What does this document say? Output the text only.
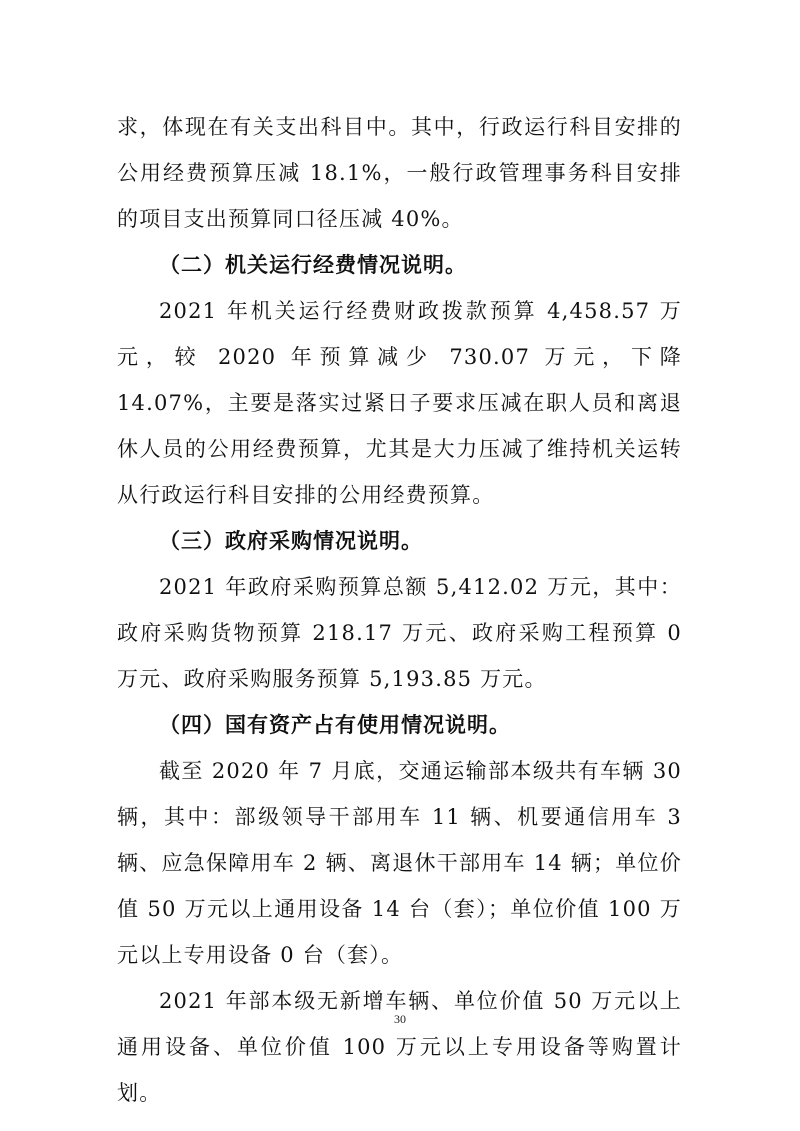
求，体现在有关支出科目中。其中，行政运行科目安排的公用经费预算压减 18.1%，一般行政管理事务科目安排的项目支出预算同口径压减 40%。

（二）机关运行经费情况说明。

2021 年机关运行经费财政拨款预算 4,458.57 万元，较 2020 年预算减少 730.07 万元，下降 14.07%，主要是落实过紧日子要求压减在职人员和离退休人员的公用经费预算，尤其是大力压减了维持机关运转从行政运行科目安排的公用经费预算。

（三）政府采购情况说明。

2021 年政府采购预算总额 5,412.02 万元，其中：政府采购货物预算 218.17 万元、政府采购工程预算 0 万元、政府采购服务预算 5,193.85 万元。

（四）国有资产占有使用情况说明。

截至 2020 年 7 月底，交通运输部本级共有车辆 30 辆，其中：部级领导干部用车 11 辆、机要通信用车 3 辆、应急保障用车 2 辆、离退休干部用车 14 辆；单位价值 50 万元以上通用设备 14 台（套）；单位价值 100 万元以上专用设备 0 台（套）。

2021 年部本级无新增车辆、单位价值 50 万元以上通用设备、单位价值 100 万元以上专用设备等购置计划。

30
